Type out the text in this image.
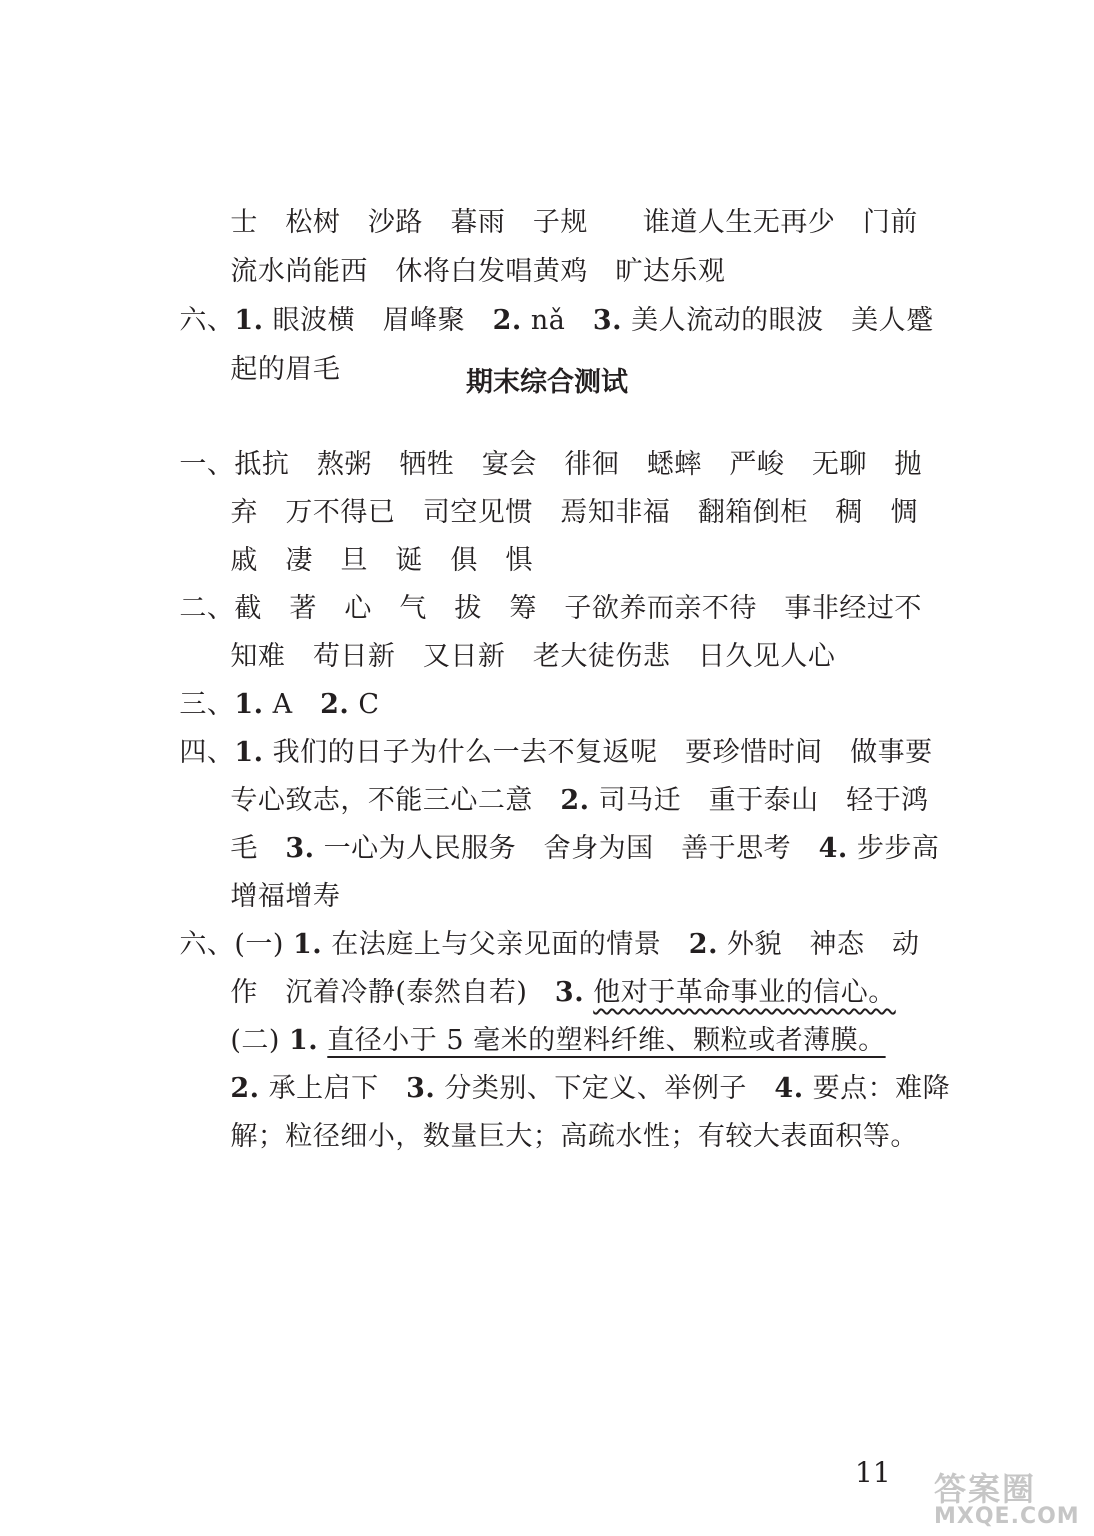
士　松树　沙路　暮雨　子规　　谁道人生无再少　门前

流水尚能西　休将白发唱黄鸡　旷达乐观

六、1. 眼波横　眉峰聚　2. nǎ　3. 美人流动的眼波　美人蹙

起的眉毛
	期末综合测试

一、抵抗　熬粥　牺牲　宴会　徘徊　蟋蟀　严峻　无聊　抛

弃　万不得已　司空见惯　焉知非福　翻箱倒柜　稠　惆

戚　凄　旦　诞　俱　惧

二、截　著　心　气　拔　筹　子欲养而亲不待　事非经过不

知难　苟日新　又日新　老大徒伤悲　日久见人心

三、1. A　2. C

四、1. 我们的日子为什么一去不复返呢　要珍惜时间　做事要

专心致志，不能三心二意　2. 司马迁　重于泰山　轻于鸿

毛　3. 一心为人民服务　舍身为国　善于思考　4. 步步高

增福增寿

六、(一) 1. 在法庭上与父亲见面的情景　2. 外貌　神态　动

作　沉着冷静(泰然自若)　3. 他对于革命事业的信心。

(二) 1. 直径小于 5 毫米的塑料纤维、颗粒或者薄膜。

2. 承上启下　3. 分类别、下定义、举例子　4. 要点：难降

解；粒径细小，数量巨大；高疏水性；有较大表面积等。

11 答案圈
MXQE.COM
